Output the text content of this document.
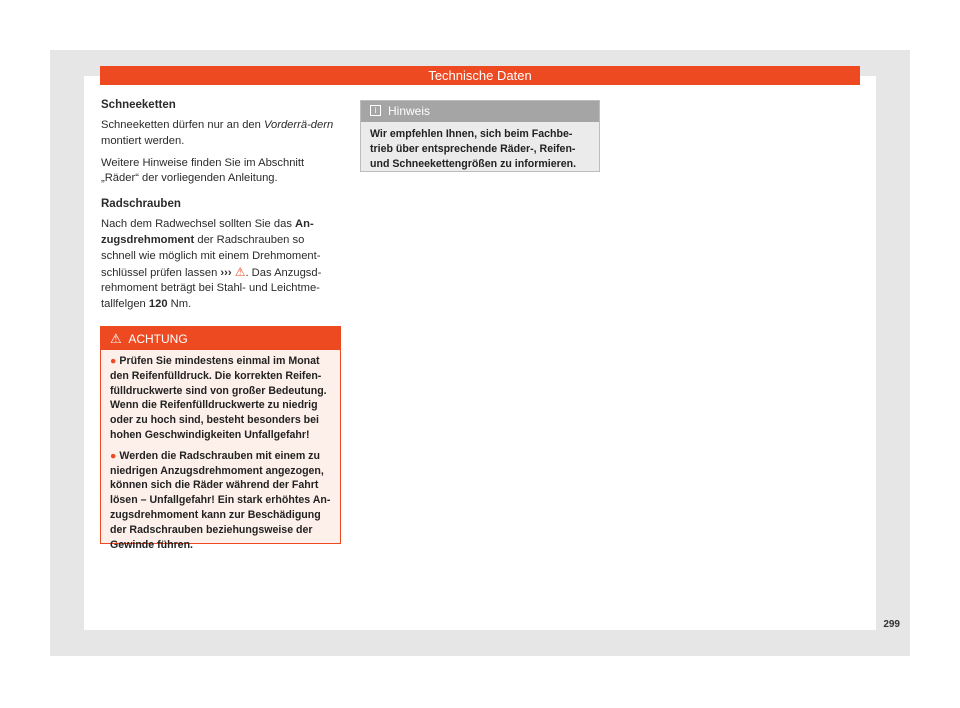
Technische Daten
Schneeketten

Schneeketten dürfen nur an den Vorderrä-dern montiert werden.

Weitere Hinweise finden Sie im Abschnitt „Räder“ der vorliegenden Anleitung.

Radschrauben

Nach dem Radwechsel sollten Sie das An-zugsdrehmoment der Radschrauben so schnell wie möglich mit einem Drehmoment-schlüssel prüfen lassen ››› ⚠. Das Anzugsd-rehmoment beträgt bei Stahl- und Leichtme-tallfelgen 120 Nm.

⚠ ACHTUNG
● Prüfen Sie mindestens einmal im Monat den Reifenfülldruck. Die korrekten Reifen-fülldruckwerte sind von großer Bedeutung. Wenn die Reifenfülldruckwerte zu niedrig oder zu hoch sind, besteht besonders bei hohen Geschwindigkeiten Unfallgefahr!
● Werden die Radschrauben mit einem zu niedrigen Anzugsdrehmoment angezogen, können sich die Räder während der Fahrt lösen – Unfallgefahr! Ein stark erhöhtes An-zugsdrehmoment kann zur Beschädigung der Radschrauben beziehungsweise der Gewinde führen.
i Hinweis
Wir empfehlen Ihnen, sich beim Fachbe-trieb über entsprechende Räder-, Reifen- und Schneekettengrößen zu informieren.
299
